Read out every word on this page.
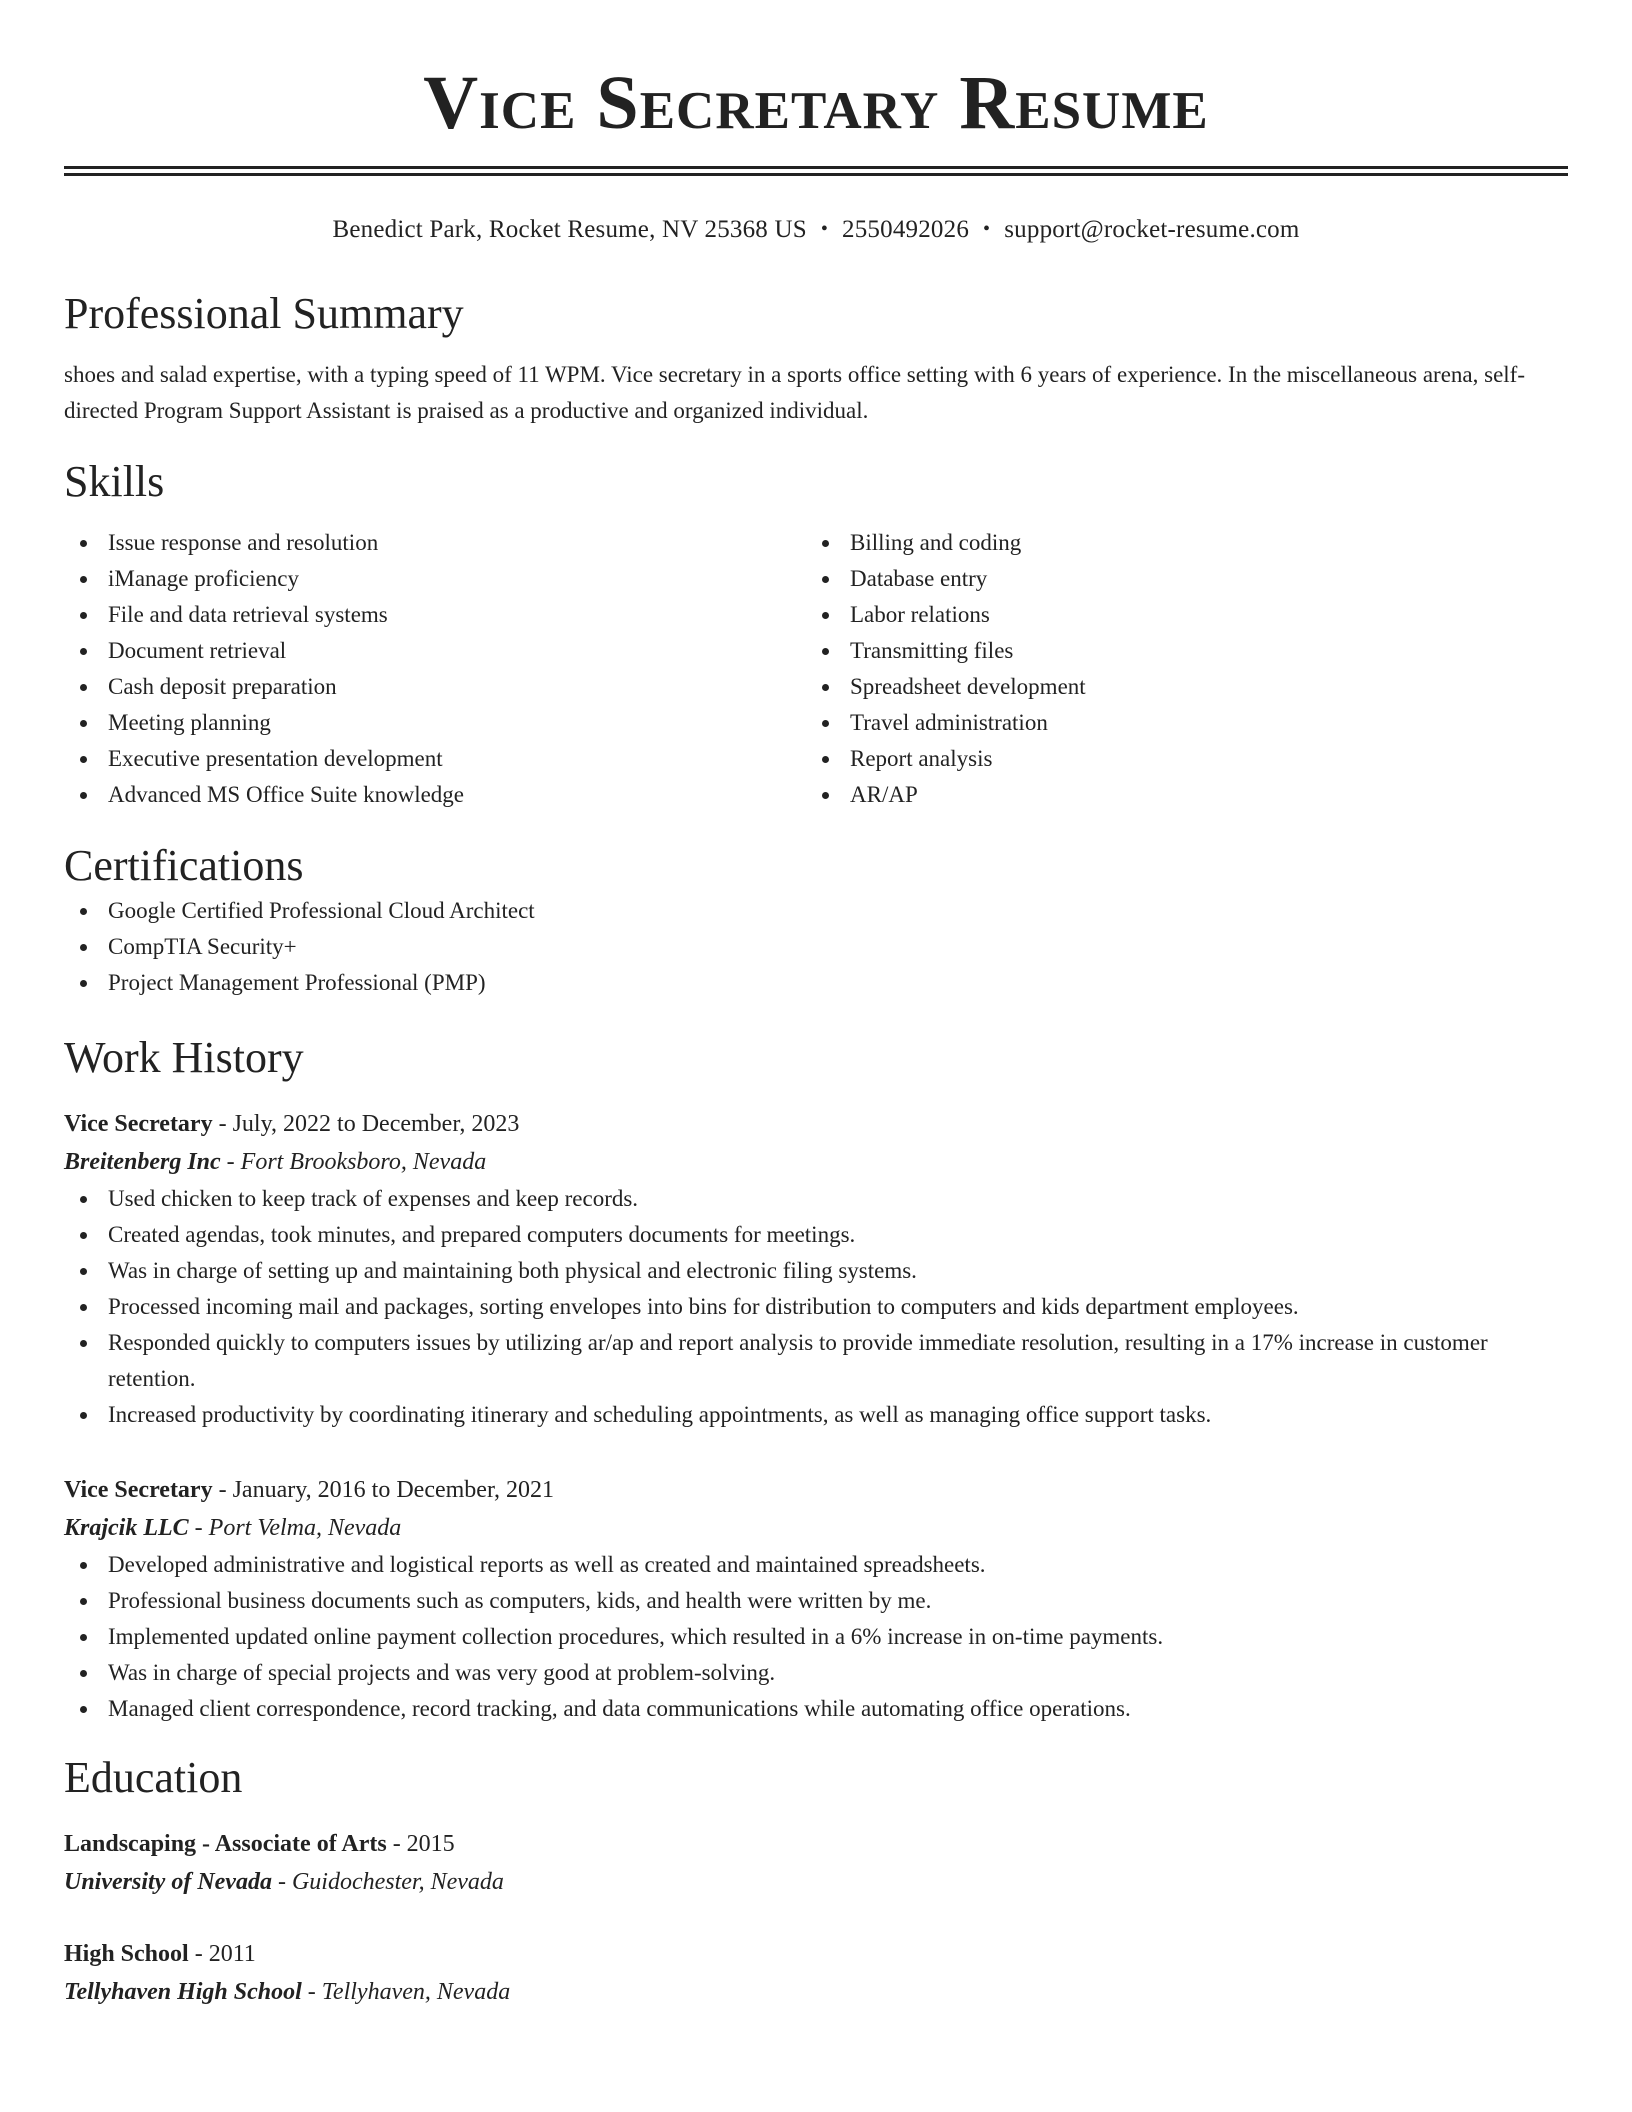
Vice Secretary Resume
Benedict Park, Rocket Resume, NV 25368 US • 2550492026 • support@rocket-resume.com
Professional Summary
shoes and salad expertise, with a typing speed of 11 WPM. Vice secretary in a sports office setting with 6 years of experience. In the miscellaneous arena, self-directed Program Support Assistant is praised as a productive and organized individual.
Skills
Issue response and resolution
iManage proficiency
File and data retrieval systems
Document retrieval
Cash deposit preparation
Meeting planning
Executive presentation development
Advanced MS Office Suite knowledge
Billing and coding
Database entry
Labor relations
Transmitting files
Spreadsheet development
Travel administration
Report analysis
AR/AP
Certifications
Google Certified Professional Cloud Architect
CompTIA Security+
Project Management Professional (PMP)
Work History
Vice Secretary - July, 2022 to December, 2023
Breitenberg Inc - Fort Brooksboro, Nevada
Used chicken to keep track of expenses and keep records.
Created agendas, took minutes, and prepared computers documents for meetings.
Was in charge of setting up and maintaining both physical and electronic filing systems.
Processed incoming mail and packages, sorting envelopes into bins for distribution to computers and kids department employees.
Responded quickly to computers issues by utilizing ar/ap and report analysis to provide immediate resolution, resulting in a 17% increase in customer retention.
Increased productivity by coordinating itinerary and scheduling appointments, as well as managing office support tasks.
Vice Secretary - January, 2016 to December, 2021
Krajcik LLC - Port Velma, Nevada
Developed administrative and logistical reports as well as created and maintained spreadsheets.
Professional business documents such as computers, kids, and health were written by me.
Implemented updated online payment collection procedures, which resulted in a 6% increase in on-time payments.
Was in charge of special projects and was very good at problem-solving.
Managed client correspondence, record tracking, and data communications while automating office operations.
Education
Landscaping - Associate of Arts - 2015
University of Nevada - Guidochester, Nevada
High School - 2011
Tellyhaven High School - Tellyhaven, Nevada
